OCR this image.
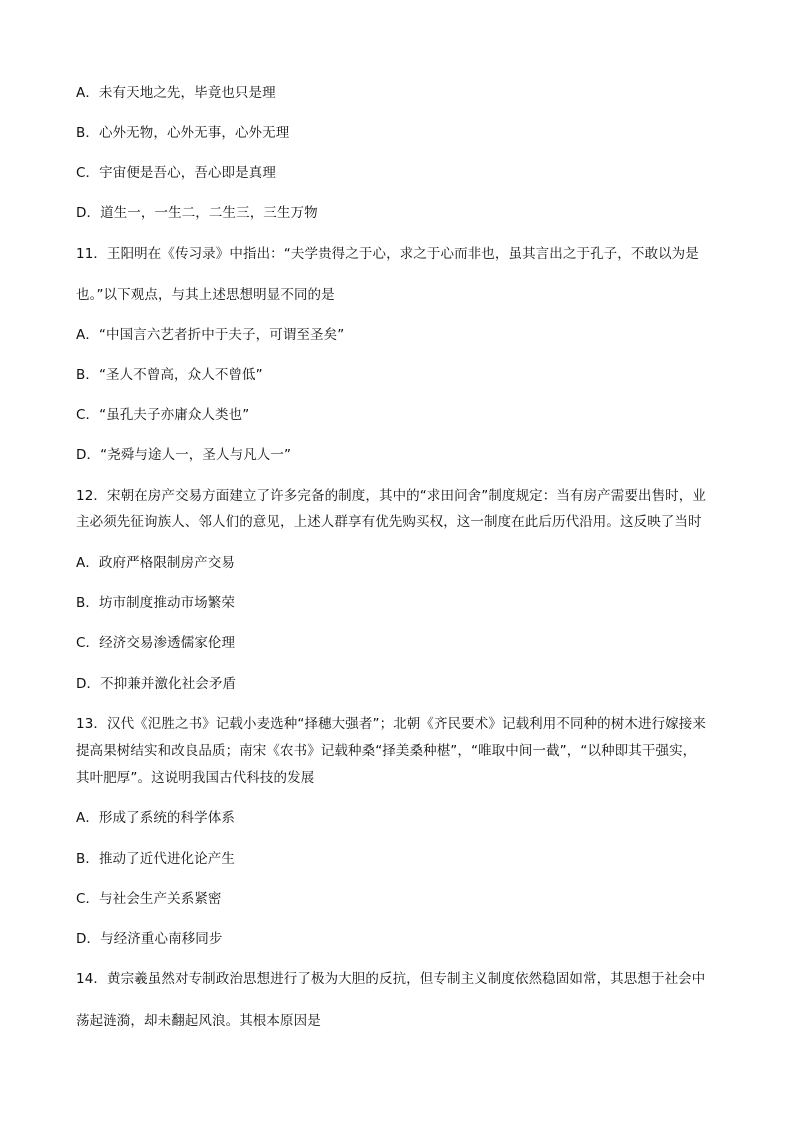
A．未有天地之先，毕竟也只是理
B．心外无物，心外无事，心外无理
C．宇宙便是吾心，吾心即是真理
D．道生一，一生二，二生三，三生万物
11．王阳明在《传习录》中指出：“夫学贵得之于心，求之于心而非也，虽其言出之于孔子，不敢以为是
也。”以下观点，与其上述思想明显不同的是
A．“中国言六艺者折中于夫子，可谓至圣矣”
B．“圣人不曾高，众人不曾低”
C．“虽孔夫子亦庸众人类也”
D．“尧舜与途人一，圣人与凡人一”
12．宋朝在房产交易方面建立了许多完备的制度，其中的“求田问舍”制度规定：当有房产需要出售时，业
主必须先征询族人、邻人们的意见，上述人群享有优先购买权，这一制度在此后历代沿用。这反映了当时
A．政府严格限制房产交易
B．坊市制度推动市场繁荣
C．经济交易渗透儒家伦理
D．不抑兼并激化社会矛盾
13．汉代《氾胜之书》记载小麦选种“择穗大强者”；北朝《齐民要术》记载利用不同种的树木进行嫁接来
提高果树结实和改良品质；南宋《农书》记载种桑“择美桑种椹”，“唯取中间一截”，“以种即其干强实，
其叶肥厚”。这说明我国古代科技的发展
A．形成了系统的科学体系
B．推动了近代进化论产生
C．与社会生产关系紧密
D．与经济重心南移同步
14．黄宗羲虽然对专制政治思想进行了极为大胆的反抗，但专制主义制度依然稳固如常，其思想于社会中
荡起涟漪，却未翻起风浪。其根本原因是
